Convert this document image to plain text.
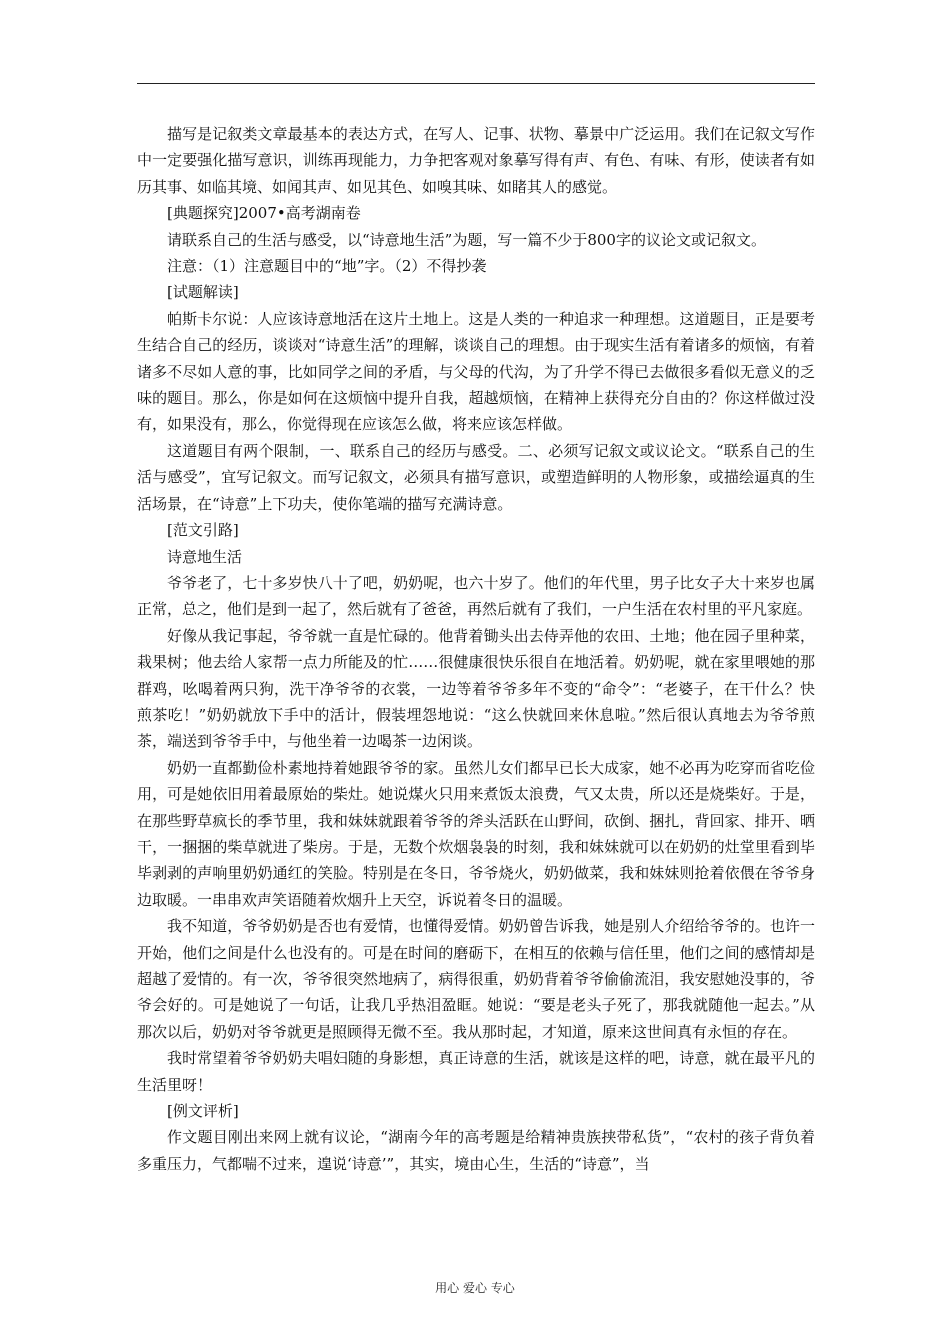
描写是记叙类文章最基本的表达方式，在写人、记事、状物、摹景中广泛运用。我们在记叙文写作中一定要强化描写意识，训练再现能力，力争把客观对象摹写得有声、有色、有味、有形，使读者有如历其事、如临其境、如闻其声、如见其色、如嗅其味、如睹其人的感觉。

[典题探究]2007•高考湖南卷

请联系自己的生活与感受，以“诗意地生活”为题，写一篇不少于800字的议论文或记叙文。

注意：（1）注意题目中的“地”字。（2）不得抄袭

[试题解读]

帕斯卡尔说：人应该诗意地活在这片土地上。这是人类的一种追求一种理想。这道题目，正是要考生结合自己的经历，谈谈对“诗意生活”的理解，谈谈自己的理想。由于现实生活有着诸多的烦恼，有着诸多不尽如人意的事，比如同学之间的矛盾，与父母的代沟，为了升学不得已去做很多看似无意义的乏味的题目。那么，你是如何在这烦恼中提升自我，超越烦恼，在精神上获得充分自由的？你这样做过没有，如果没有，那么，你觉得现在应该怎么做，将来应该怎样做。

这道题目有两个限制，一、联系自己的经历与感受。二、必须写记叙文或议论文。“联系自己的生活与感受”，宜写记叙文。而写记叙文，必须具有描写意识，或塑造鲜明的人物形象，或描绘逼真的生活场景，在“诗意”上下功夫，使你笔端的描写充满诗意。

[范文引路]

诗意地生活

爷爷老了，七十多岁快八十了吧，奶奶呢，也六十岁了。他们的年代里，男子比女子大十来岁也属正常，总之，他们是到一起了，然后就有了爸爸，再然后就有了我们，一户生活在农村里的平凡家庭。

好像从我记事起，爷爷就一直是忙碌的。他背着锄头出去侍弄他的农田、土地；他在园子里种菜，栽果树；他去给人家帮一点力所能及的忙……很健康很快乐很自在地活着。奶奶呢，就在家里喂她的那群鸡，吆喝着两只狗，洗干净爷爷的衣裳，一边等着爷爷多年不变的“命令”：“老婆子，在干什么？快煎茶吃！”奶奶就放下手中的活计，假装埋怨地说：“这么快就回来休息啦。”然后很认真地去为爷爷煎茶，端送到爷爷手中，与他坐着一边喝茶一边闲谈。

奶奶一直都勤俭朴素地持着她跟爷爷的家。虽然儿女们都早已长大成家，她不必再为吃穿而省吃俭用，可是她依旧用着最原始的柴灶。她说煤火只用来煮饭太浪费，气又太贵，所以还是烧柴好。于是，在那些野草疯长的季节里，我和妹妹就跟着爷爷的斧头活跃在山野间，砍倒、捆扎，背回家、排开、晒干，一捆捆的柴草就进了柴房。于是，无数个炊烟袅袅的时刻，我和妹妹就可以在奶奶的灶堂里看到毕毕剥剥的声响里奶奶通红的笑脸。特别是在冬日，爷爷烧火，奶奶做菜，我和妹妹则抢着依偎在爷爷身边取暖。一串串欢声笑语随着炊烟升上天空，诉说着冬日的温暖。

我不知道，爷爷奶奶是否也有爱情，也懂得爱情。奶奶曾告诉我，她是别人介绍给爷爷的。也许一开始，他们之间是什么也没有的。可是在时间的磨砺下，在相互的依赖与信任里，他们之间的感情却是超越了爱情的。有一次，爷爷很突然地病了，病得很重，奶奶背着爷爷偷偷流泪，我安慰她没事的，爷爷会好的。可是她说了一句话，让我几乎热泪盈眶。她说：“要是老头子死了，那我就随他一起去。”从那次以后，奶奶对爷爷就更是照顾得无微不至。我从那时起，才知道，原来这世间真有永恒的存在。

我时常望着爷爷奶奶夫唱妇随的身影想，真正诗意的生活，就该是这样的吧，诗意，就在最平凡的生活里呀！

[例文评析]

作文题目刚出来网上就有议论，“湖南今年的高考题是给精神贵族挟带私货”，“农村的孩子背负着多重压力，气都喘不过来，遑说‘诗意’”，其实，境由心生，生活的“诗意”，当

用心 爱心 专心
